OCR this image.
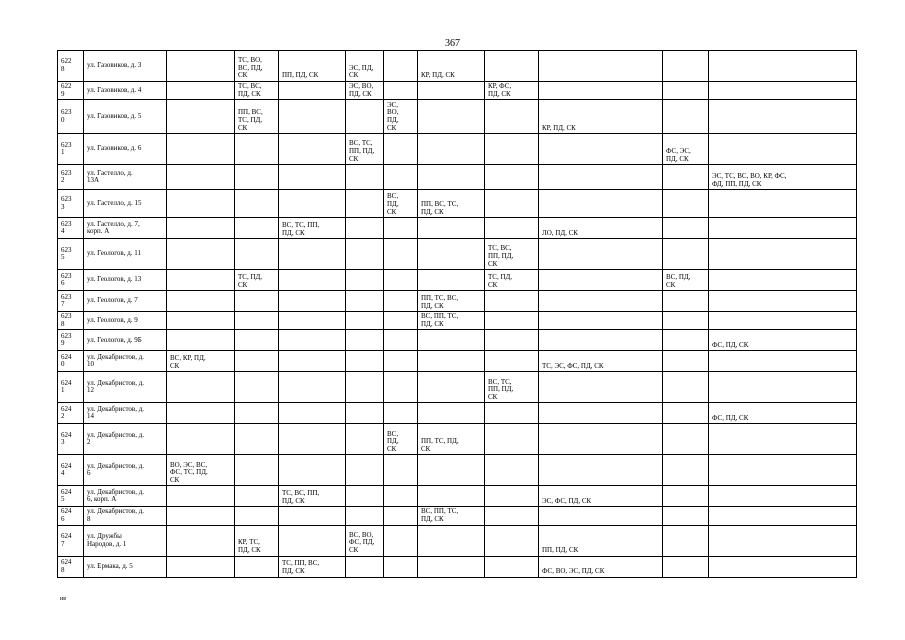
367
622
8	ул. Газовиков, д. 3		ТС, ВО,
ВС, ПД,
СК	ПП, ПД, СК	ЭС, ПД,
СК		КР, ПД, СК				
622
9	ул. Газовиков, д. 4		ТС, ВС,
ПД, СК		ЭС, ВО,
ПД, СК			КР, ФС,
ПД, СК			
623
0	ул. Газовиков, д. 5		ПП, ВС,
ТС, ПД,
СК			ЭС,
ВО,
ПД,
СК			КР, ПД, СК		
623
1	ул. Газовиков, д. 6				ВС, ТС,
ПП, ПД,
СК					ФС, ЭС,
ПД, СК	
623
2	ул. Гастелло, д.
13А										ЭС, ТС, ВС, ВО, КР, ФС,
ФД, ПП, ПД, СК
623
3	ул. Гастелло, д. 15					ВС,
ПД,
СК	ПП, ВС, ТС,
ПД, СК				
623
4	ул. Гастелло, д. 7,
корп. А			ВС, ТС, ПП,
ПД, СК					ЛО, ПД, СК		
623
5	ул. Геологов, д. 11							ТС, ВС,
ПП, ПД,
СК			
623
6	ул. Геологов, д. 13		ТС, ПД,
СК					ТС, ПД,
СК		ВС, ПД,
СК	
623
7	ул. Геологов, д. 7						ПП, ТС, ВС,
ПД, СК				
623
8	ул. Геологов, д. 9						ВС, ПП, ТС,
ПД, СК				
623
9	ул. Геологов, д. 9Б										ФС, ПД, СК
624
0	ул. Декабристов, д.
10	ВС, КР, ПД,
СК							ТС, ЭС, ФС, ПД, СК		
624
1	ул. Декабристов, д.
12							ВС, ТС,
ПП, ПД,
СК			
624
2	ул. Декабристов, д.
14										ФС, ПД, СК
624
3	ул. Декабристов, д.
2					ВС,
ПД,
СК	ПП, ТС, ПД,
СК				
624
4	ул. Декабристов, д.
6	ВО, ЭС, ВС,
ФС, ТС, ПД,
СК									
624
5	ул. Декабристов, д.
6, корп. А			ТС, ВС, ПП,
ПД, СК					ЭС, ФС, ПД, СК		
624
6	ул. Декабристов, д.
8						ВС, ПП, ТС,
ПД, СК				
624
7	ул. Дружбы
Народов, д. 1		КР, ТС,
ПД, СК		ВС, ВО,
ФС, ПД,
СК				ПП, ПД, СК		
624
8	ул. Ермака, д. 5			ТС, ПП, ВС,
ПД, СК					ФС, ВО, ЭС, ПД, СК		
ив
